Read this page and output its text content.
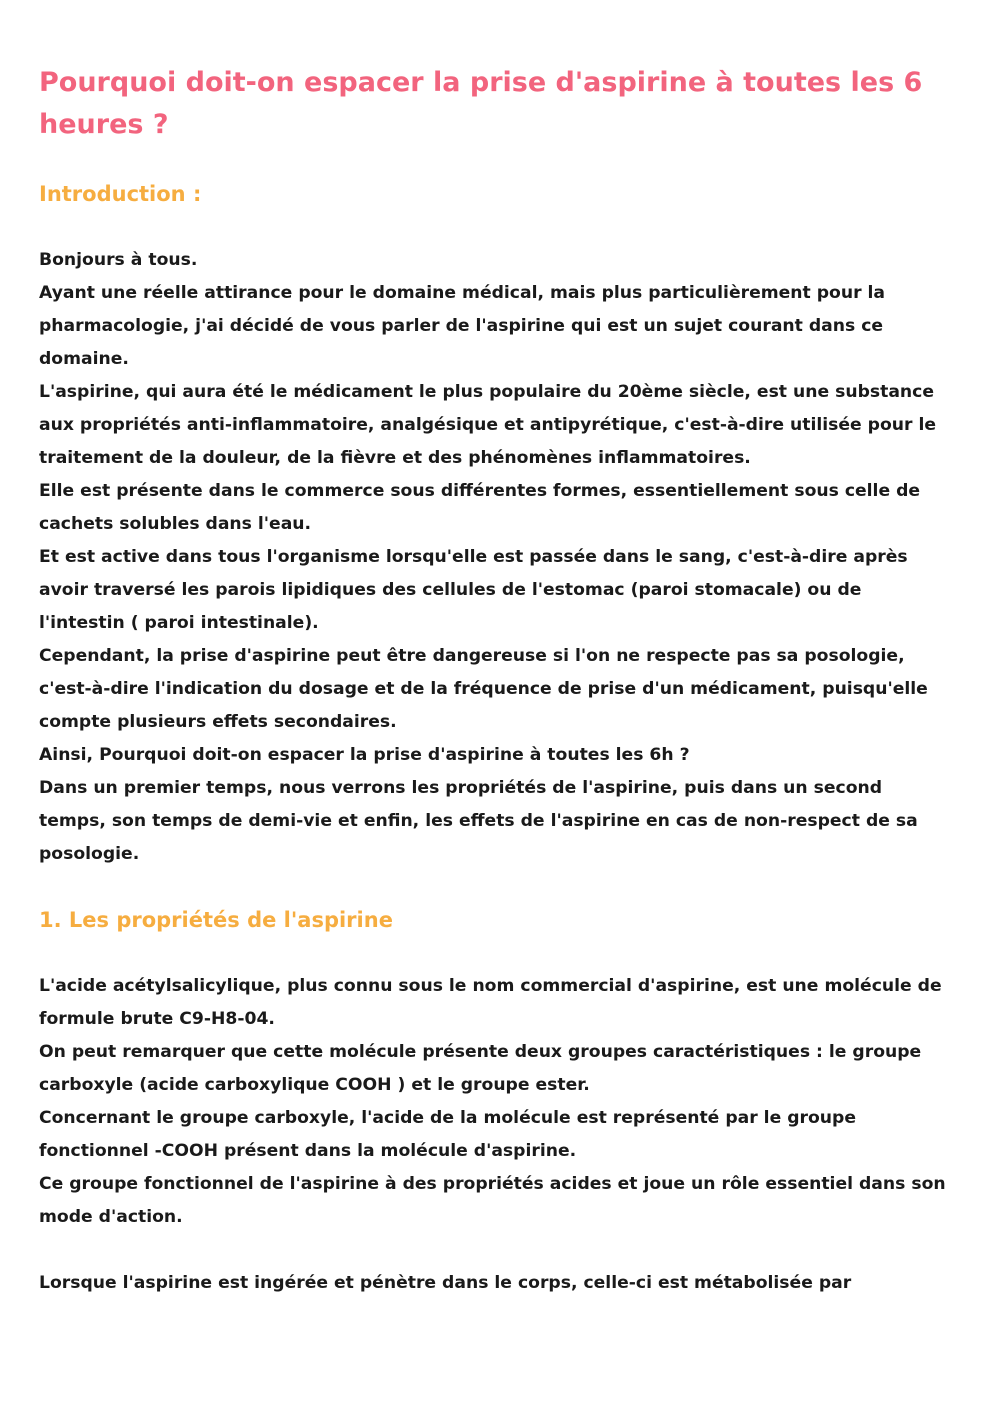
Pourquoi doit-on espacer la prise d'aspirine à toutes les 6
heures ?
Introduction :
Bonjours à tous.
Ayant une réelle attirance pour le domaine médical, mais plus particulièrement pour la
pharmacologie, j'ai décidé de vous parler de l'aspirine qui est un sujet courant dans ce
domaine.
L'aspirine, qui aura été le médicament le plus populaire du 20ème siècle, est une substance
aux propriétés anti-inflammatoire, analgésique et antipyrétique, c'est-à-dire utilisée pour le
traitement de la douleur, de la fièvre et des phénomènes inflammatoires.
Elle est présente dans le commerce sous différentes formes, essentiellement sous celle de
cachets solubles dans l'eau.
Et est active dans tous l'organisme lorsqu'elle est passée dans le sang, c'est-à-dire après
avoir traversé les parois lipidiques des cellules de l'estomac (paroi stomacale) ou de
l'intestin ( paroi intestinale).
Cependant, la prise d'aspirine peut être dangereuse si l'on ne respecte pas sa posologie,
c'est-à-dire l'indication du dosage et de la fréquence de prise d'un médicament, puisqu'elle
compte plusieurs effets secondaires.
Ainsi, Pourquoi doit-on espacer la prise d'aspirine à toutes les 6h ?
Dans un premier temps, nous verrons les propriétés de l'aspirine, puis dans un second
temps, son temps de demi-vie et enfin, les effets de l'aspirine en cas de non-respect de sa
posologie.
1. Les propriétés de l'aspirine
L'acide acétylsalicylique, plus connu sous le nom commercial d'aspirine, est une molécule de
formule brute C9-H8-04.
On peut remarquer que cette molécule présente deux groupes caractéristiques : le groupe
carboxyle (acide carboxylique COOH ) et le groupe ester.
Concernant le groupe carboxyle, l'acide de la molécule est représenté par le groupe
fonctionnel -COOH présent dans la molécule d'aspirine.
Ce groupe fonctionnel de l'aspirine à des propriétés acides et joue un rôle essentiel dans son
mode d'action.
Lorsque l'aspirine est ingérée et pénètre dans le corps, celle-ci est métabolisée par
